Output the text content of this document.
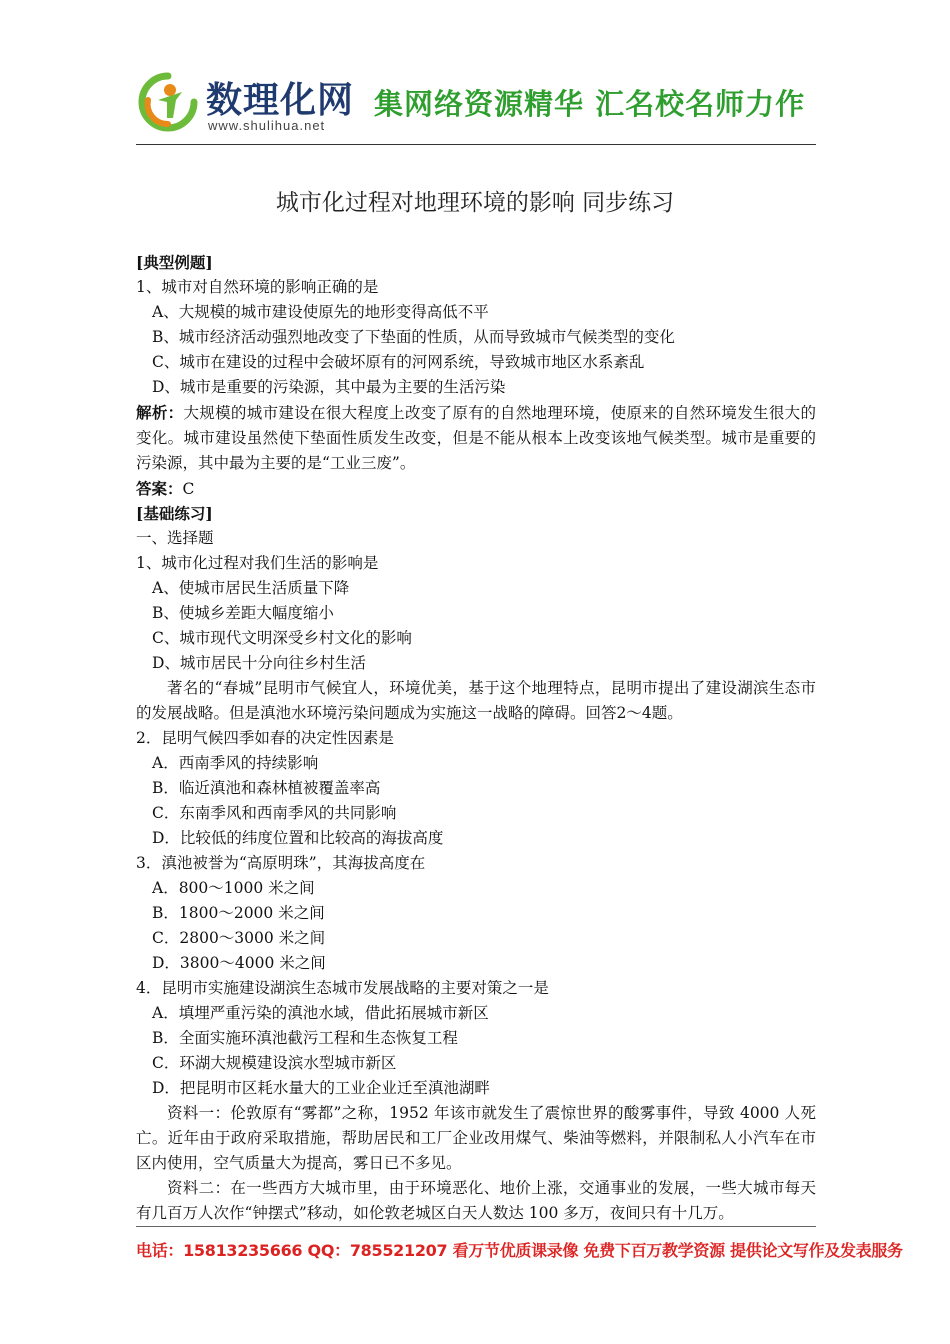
数理化网
www.shulihua.net
集网络资源精华 汇名校名师力作
城市化过程对地理环境的影响 同步练习
[典型例题]
1、城市对自然环境的影响正确的是
A、大规模的城市建设使原先的地形变得高低不平
B、城市经济活动强烈地改变了下垫面的性质，从而导致城市气候类型的变化
C、城市在建设的过程中会破坏原有的河网系统，导致城市地区水系紊乱
D、城市是重要的污染源，其中最为主要的生活污染
解析：大规模的城市建设在很大程度上改变了原有的自然地理环境，使原来的自然环境发生很大的变化。城市建设虽然使下垫面性质发生改变，但是不能从根本上改变该地气候类型。城市是重要的污染源，其中最为主要的是“工业三废”。
答案：C
[基础练习]
一、选择题
1、城市化过程对我们生活的影响是
A、使城市居民生活质量下降
B、使城乡差距大幅度缩小
C、城市现代文明深受乡村文化的影响
D、城市居民十分向往乡村生活
著名的“春城”昆明市气候宜人，环境优美，基于这个地理特点，昆明市提出了建设湖滨生态市的发展战略。但是滇池水环境污染问题成为实施这一战略的障碍。回答2～4题。
2．昆明气候四季如春的决定性因素是
A．西南季风的持续影响
B．临近滇池和森林植被覆盖率高
C．东南季风和西南季风的共同影响
D．比较低的纬度位置和比较高的海拔高度
3．滇池被誉为“高原明珠”，其海拔高度在
A．800～1000 米之间
B．1800～2000 米之间
C．2800～3000 米之间
D．3800～4000 米之间
4．昆明市实施建设湖滨生态城市发展战略的主要对策之一是
A．填埋严重污染的滇池水域，借此拓展城市新区
B．全面实施环滇池截污工程和生态恢复工程
C．环湖大规模建设滨水型城市新区
D．把昆明市区耗水量大的工业企业迁至滇池湖畔
资料一：伦敦原有“雾都”之称，1952 年该市就发生了震惊世界的酸雾事件，导致 4000 人死亡。近年由于政府采取措施，帮助居民和工厂企业改用煤气、柴油等燃料，并限制私人小汽车在市区内使用，空气质量大为提高，雾日已不多见。
资料二：在一些西方大城市里，由于环境恶化、地价上涨，交通事业的发展，一些大城市每天有几百万人次作“钟摆式”移动，如伦敦老城区白天人数达 100 多万，夜间只有十几万。
电话：15813235666 QQ：785521207 看万节优质课录像 免费下百万教学资源 提供论文写作及发表服务
